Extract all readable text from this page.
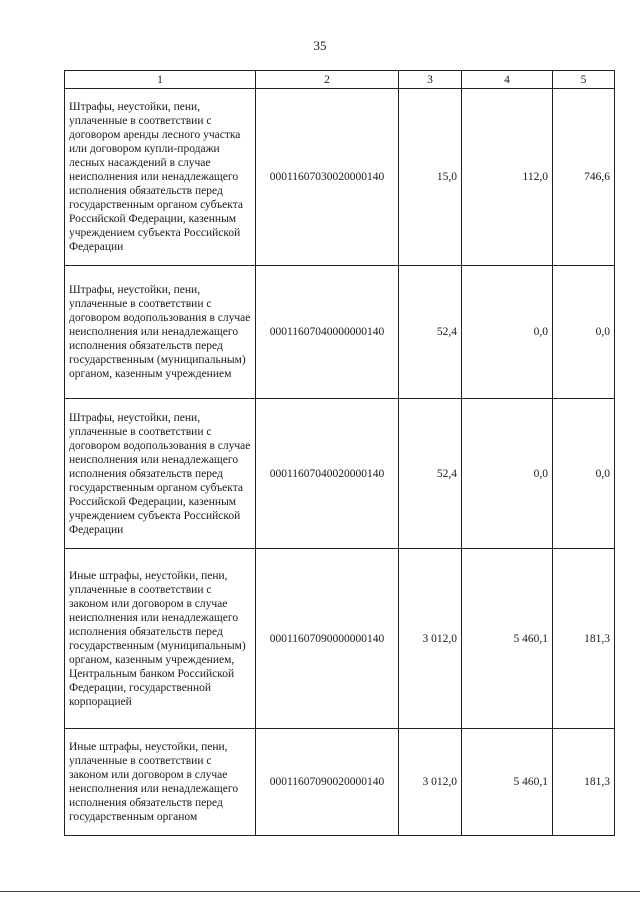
35
1	2	3	4	5
Штрафы, неустойки, пени, уплаченные в соответствии с договором аренды лесного участка или договором купли-продажи лесных насаждений в случае неисполнения или ненадлежащего исполнения обязательств перед государственным органом субъекта Российской Федерации, казенным учреждением субъекта Российской Федерации	00011607030020000140	15,0	112,0	746,6
Штрафы, неустойки, пени, уплаченные в соответствии с договором водопользования в случае неисполнения или ненадлежащего исполнения обязательств перед государственным (муниципальным) органом, казенным учреждением	00011607040000000140	52,4	0,0	0,0
Штрафы, неустойки, пени, уплаченные в соответствии с договором водопользования в случае неисполнения или ненадлежащего исполнения обязательств перед государственным органом субъекта Российской Федерации, казенным учреждением субъекта Российской Федерации	00011607040020000140	52,4	0,0	0,0
Иные штрафы, неустойки, пени, уплаченные в соответствии с законом или договором в случае неисполнения или ненадлежащего исполнения обязательств перед государственным (муниципальным) органом, казенным учреждением, Центральным банком Российской Федерации, государственной корпорацией	00011607090000000140	3 012,0	5 460,1	181,3
Иные штрафы, неустойки, пени, уплаченные в соответствии с законом или договором в случае неисполнения или ненадлежащего исполнения обязательств перед государственным органом	00011607090020000140	3 012,0	5 460,1	181,3
